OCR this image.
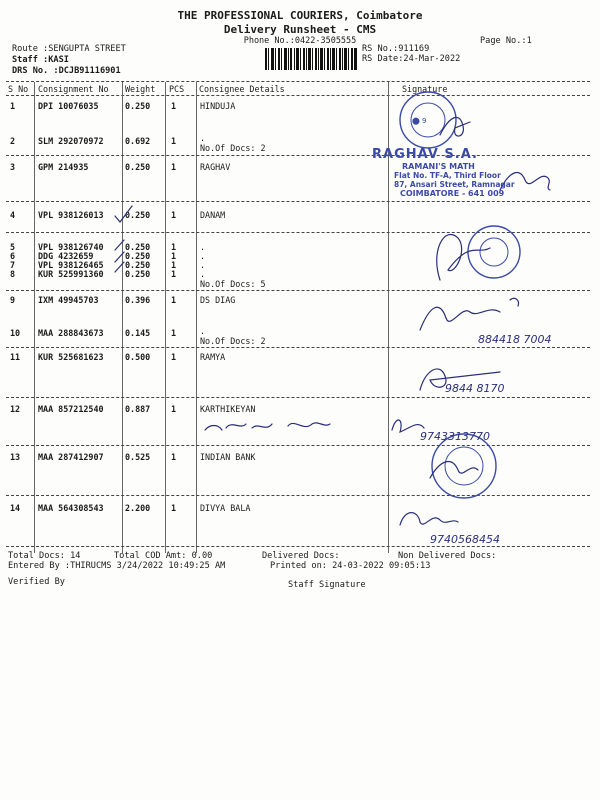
THE PROFESSIONAL COURIERS, Coimbatore
Delivery Runsheet - CMS
Phone No.:0422-3505555	Page No.:1
Route :SENGUPTA STREET
Staff :KASI
DRS No. :DCJB91116901
RS No.:911169
RS Date:24-Mar-2022
S No Consignment No Weight PCS Consignee Details	Signature
1	DPI 10076035	0.250 1	HINDUJA
2	SLM 292070972	0.692 1	.
No.Of Docs: 2
3	GPM 214935	0.250 1	RAGHAV
4	VPL 938126013	0.250 1	DANAM
5	VPL 938126740	0.250 1	.
6	DDG 4232659	0.250 1	.
7	VPL 938126465	0.250 1	.
8	KUR 525991360	0.250 1	.
No.Of Docs: 5
9	IXM 49945703	0.396 1	DS DIAG
10 MAA 288843673	0.145 1	.
No.Of Docs: 2
11 KUR 525681623	0.500 1	RAMYA
12 MAA 857212540	0.887 1	KARTHIKEYAN
13 MAA 287412907	0.525 1	INDIAN BANK
14 MAA 564308543	2.200 1	DIVYA BALA
Total Docs: 14	Total COD Amt: 0.00	Delivered Docs:	Non Delivered Docs:
Entered By :THIRUCMS 3/24/2022 10:49:25 AM	Printed on: 24-03-2022 09:05:13
Verified By	Staff Signature
⬤ 9
884418 7004
9844 8170
9743313770
9740568454
RAGHAV S.A.
RAMANI'S MATH
Flat No. TF-A, Third Floor
87, Ansari Street, Ramnagar
COIMBATORE - 641 009
